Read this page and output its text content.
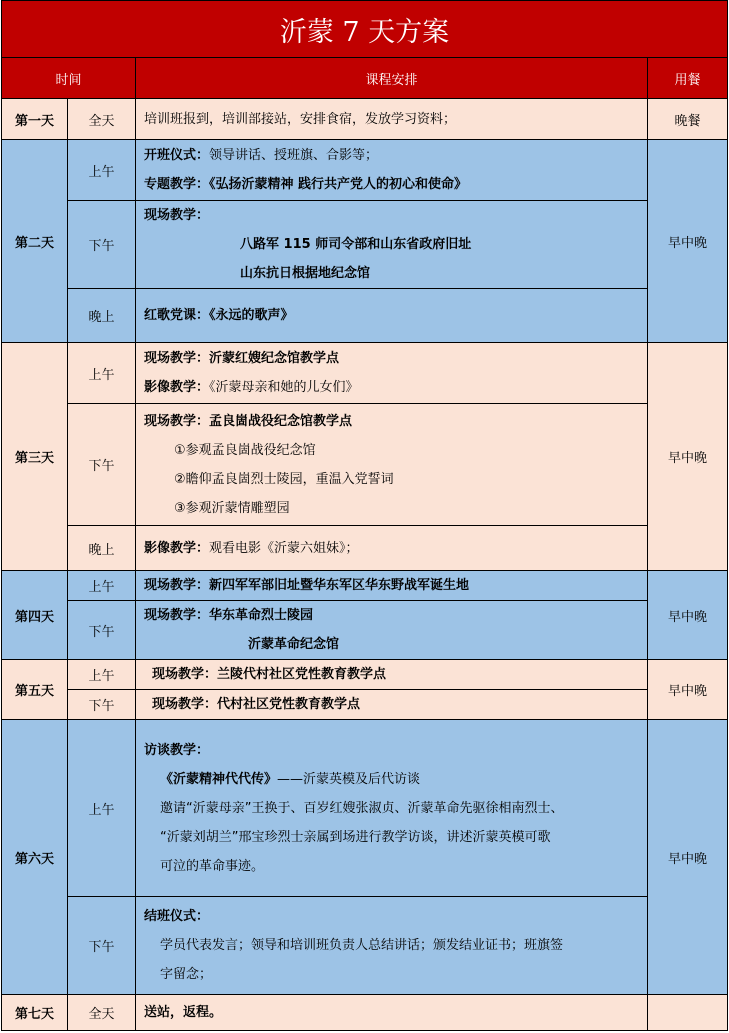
沂蒙 7 天方案			
时间		课程安排	用餐
第一天	全天	培训班报到，培训部接站，安排食宿，发放学习资料；	晚餐
第二天	上午	开班仪式：领导讲话、授班旗、合影等；
专题教学：《弘扬沂蒙精神 践行共产党人的初心和使命》	早中晚
	下午	现场教学：
八路军 115 师司令部和山东省政府旧址
山东抗日根据地纪念馆	

	晚上	红歌党课：《永远的歌声》	
第三天	上午	现场教学：沂蒙红嫂纪念馆教学点
影像教学：《沂蒙母亲和她的儿女们》	早中晚
	下午	现场教学：孟良崮战役纪念馆教学点
①参观孟良崮战役纪念馆
②瞻仰孟良崮烈士陵园，重温入党誓词
③参观沂蒙情雕塑园	

	晚上	影像教学：观看电影《沂蒙六姐妹》；	
第四天	上午	现场教学：新四军军部旧址暨华东军区华东野战军诞生地	早中晚
	下午	现场教学：华东革命烈士陵园
沂蒙革命纪念馆	

第五天	上午	现场教学：兰陵代村社区党性教育教学点	早中晚
	下午	现场教学：代村社区党性教育教学点	
第六天	上午	访谈教学：
《沂蒙精神代代传》——沂蒙英模及后代访谈
邀请“沂蒙母亲”王换于、百岁红嫂张淑贞、沂蒙革命先驱徐相南烈士、
“沂蒙刘胡兰”邢宝珍烈士亲属到场进行教学访谈，讲述沂蒙英模可歌
可泣的革命事迹。	早中晚
	下午	结班仪式：
学员代表发言；领导和培训班负责人总结讲话；颁发结业证书；班旗签
字留念；	

第七天	全天	送站，返程。	
